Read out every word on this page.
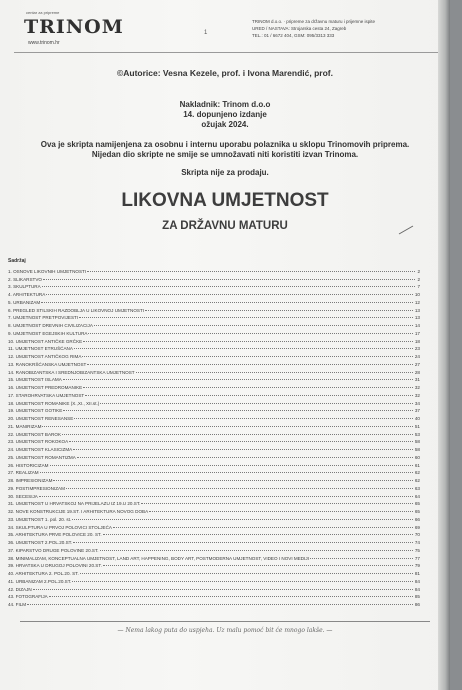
centar za pripreme
TRINOM
www.trinom.hr
1
TRINOM d.o.o. · pripreme za državnu maturu i prijemne ispite
URED / NASTAVA: Strojarska cesta 24, Zagreb
TEL.: 01 / 6672 404, GSM: 095/3313 333
©Autorice: Vesna Kezele, prof. i Ivona Marendić, prof.
Nakladnik: Trinom d.o.o
14. dopunjeno izdanje
ožujak 2024.
Ova je skripta namijenjena za osobnu i internu uporabu polaznika u sklopu Trinomovih priprema.
Nijedan dio skripte ne smije se umnožavati niti koristiti izvan Trinoma.
Skripta nije za prodaju.
LIKOVNA UMJETNOST
ZA DRŽAVNU MATURU
Sadržaj
1. OSNOVE LIKOVNIH UMJETNOSTI	2
2. SLIKARSTVO	2
3. SKULPTURA	7
4. ARHITEKTURA	10
5. URBANIZAM	12
6. PREGLED STILSKIH RAZDOBLJA U LIKOVNOJ UMJETNOSTI	13
7. UMJETNOST PRETPOVIJESTI	13
8. UMJETNOST DREVNIH CIVILIZACIJA	14
9. UMJETNOST EGEJSKIH KULTURA	17
10. UMJETNOST ANTIČKE GRČKE	18
11. UMJETNOST ETRUŠĆANA	23
12. UMJETNOST ANTIČKOG RIMA	24
13. RANOKRŠĆANSKA UMJETNOST	27
14. RANOBIZANTSKA I SREDNJOBIZANTSKA UMJETNOST	28
15. UMJETNOST ISLAMA	31
16. UMJETNOST PREDROMANIKE	32
17. STAROHRVATSKA UMJETNOST	32
18. UMJETNOST ROMANIKE (X.,XI., XII.st.)	34
19. UMJETNOST GOTIKE	37
20. UMJETNOST RENESANSE	40
21. MANIRIZAM	51
22. UMJETNOST BAROK	53
23. UMJETNOST ROKOKOA	58
24. UMJETNOST KLASICIZMA	58
25. UMJETNOST ROMANTIZMA	60
26. HISTORICIZAM	61
27. REALIZAM	62
28. IMPRESIONIZAM	62
29. POSTIMPRESIONIZAM	63
30. SECESIJA	64
31. UMJETNOST U HRVATSKOJ NA PRIJELAZU IZ 19.U 20.ST.	65
32. NOVE KONSTRUKCIJE 19.ST. I ARHITEKTURA NOVOG DOBA	65
33. UMJETNOST 1. pol. 20. st.	66
34. SKULPTURA U PRVOJ POLOVICI STOLJEĆA	69
35. ARHITEKTURA PRVE POLOVICE 20. ST.	70
36. UMJETNOST 2.POL.20.ST.	74
37. KIPARSTVO DRUGE POLOVINE 20.ST.	75
38. MINIMALIZAM, KONCEPTUALNA UMJETNOST, LAND ART, HAPPENING, BODY ART, POSTMODERNA UMJETNOST, VIDEO I NOVI MEDIJI	77
39. HRVATSKA U DRUGOJ POLOVINI 20.ST.	79
40. ARHITEKTURA 2. POL.20. ST.	81
41. URBANIZAM 2.POL.20.ST.	84
42. DIZAJN	84
43. FOTOGRAFIJA	85
44. FILM	86
— Nema lakog puta do uspjeha. Uz malu pomoć bit će mnogo lakše. —
